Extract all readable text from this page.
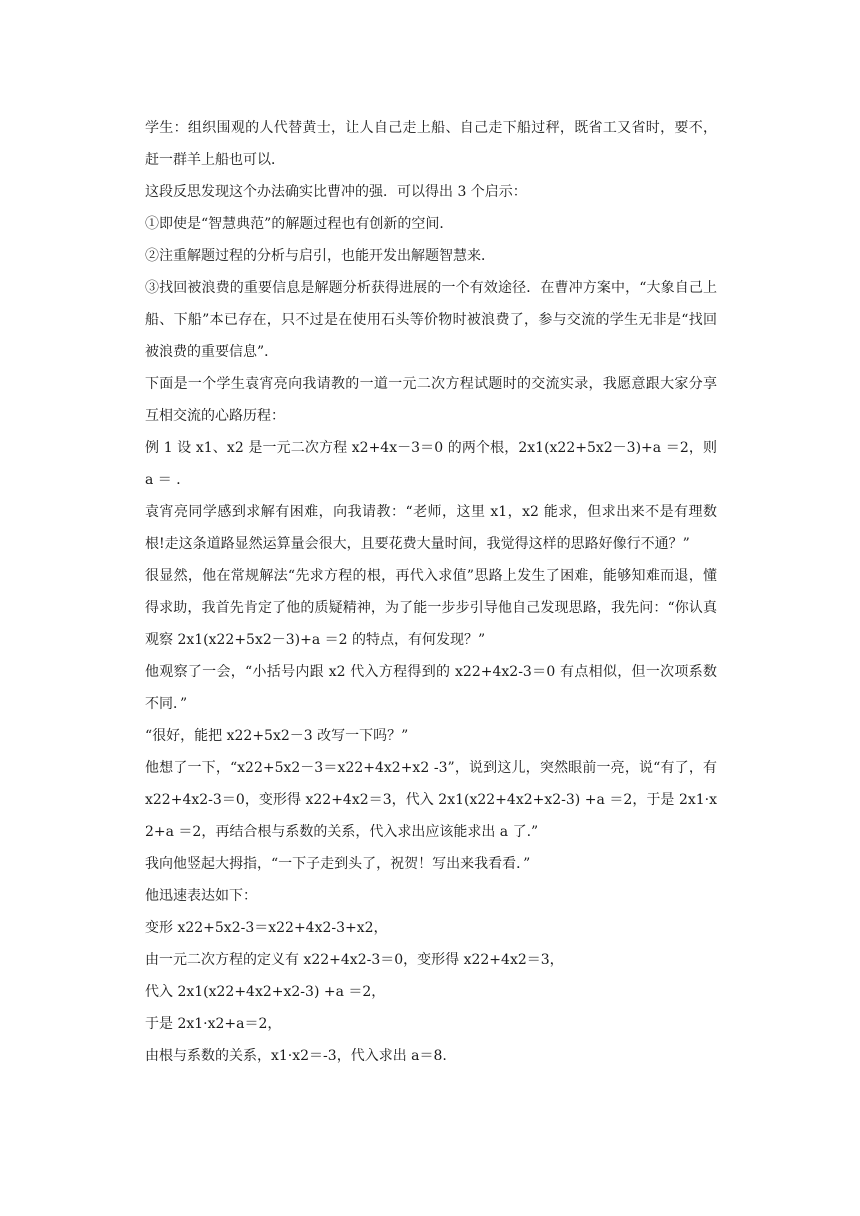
学生：组织围观的人代替黄士，让人自己走上船、自己走下船过秤，既省工又省时，要不，赶一群羊上船也可以．

这段反思发现这个办法确实比曹冲的强．可以得出 3 个启示：

①即使是“智慧典范”的解题过程也有创新的空间．

②注重解题过程的分析与启引，也能开发出解题智慧来．

③找回被浪费的重要信息是解题分析获得进展的一个有效途径．在曹冲方案中，“大象自己上船、下船”本已存在，只不过是在使用石头等价物时被浪费了，参与交流的学生无非是“找回被浪费的重要信息”．

下面是一个学生袁宵亮向我请教的一道一元二次方程试题时的交流实录，我愿意跟大家分享互相交流的心路历程：

例 1 设 x1、x2 是一元二次方程 x2+4x－3＝0 的两个根，2x1(x22+5x2－3)+a ＝2，则 a ＝ ．

袁宵亮同学感到求解有困难，向我请教：“老师，这里 x1，x2 能求，但求出来不是有理数根!走这条道路显然运算量会很大，且要花费大量时间，我觉得这样的思路好像行不通？”

很显然，他在常规解法“先求方程的根，再代入求值”思路上发生了困难，能够知难而退，懂得求助，我首先肯定了他的质疑精神，为了能一步步引导他自己发现思路，我先问：“你认真观察 2x1(x22+5x2－3)+a ＝2 的特点，有何发现？”

他观察了一会，“小括号内跟 x2 代入方程得到的 x22+4x2-3＝0 有点相似，但一次项系数不同．”

“很好，能把 x22+5x2－3 改写一下吗？”

他想了一下，“x22+5x2－3＝x22+4x2+x2 -3”，说到这儿，突然眼前一亮，说“有了，有 x22+4x2-3＝0，变形得 x22+4x2＝3，代入 2x1(x22+4x2+x2-3) +a ＝2，于是 2x1·x2+a ＝2，再结合根与系数的关系，代入求出应该能求出 a 了.”

我向他竖起大拇指，“一下子走到头了，祝贺！写出来我看看．”

他迅速表达如下：

变形 x22+5x2-3＝x22+4x2-3+x2，

由一元二次方程的定义有 x22+4x2-3＝0，变形得 x22+4x2＝3，

代入 2x1(x22+4x2+x2-3) +a ＝2，

于是 2x1·x2+a＝2，

由根与系数的关系，x1·x2＝-3，代入求出 a＝8.
